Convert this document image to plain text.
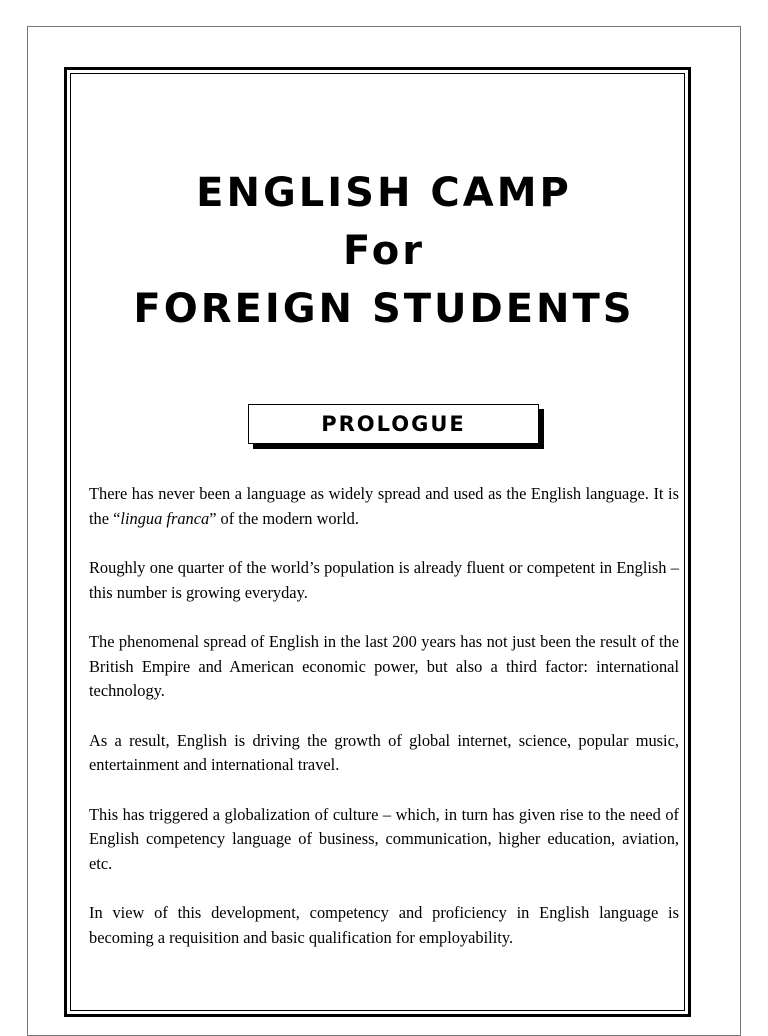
ENGLISH CAMP
For
FOREIGN STUDENTS
PROLOGUE

There has never been a language as widely spread and used as the English language. It is the “lingua franca” of the modern world.

Roughly one quarter of the world’s population is already fluent or competent in English – this number is growing everyday.

The phenomenal spread of English in the last 200 years has not just been the result of the British Empire and American economic power, but also a third factor: international technology.

As a result, English is driving the growth of global internet, science, popular music, entertainment and international travel.

This has triggered a globalization of culture – which, in turn has given rise to the need of English competency language of business, communication, higher education, aviation, etc.

In view of this development, competency and proficiency in English language is becoming a requisition and basic qualification for employability.
